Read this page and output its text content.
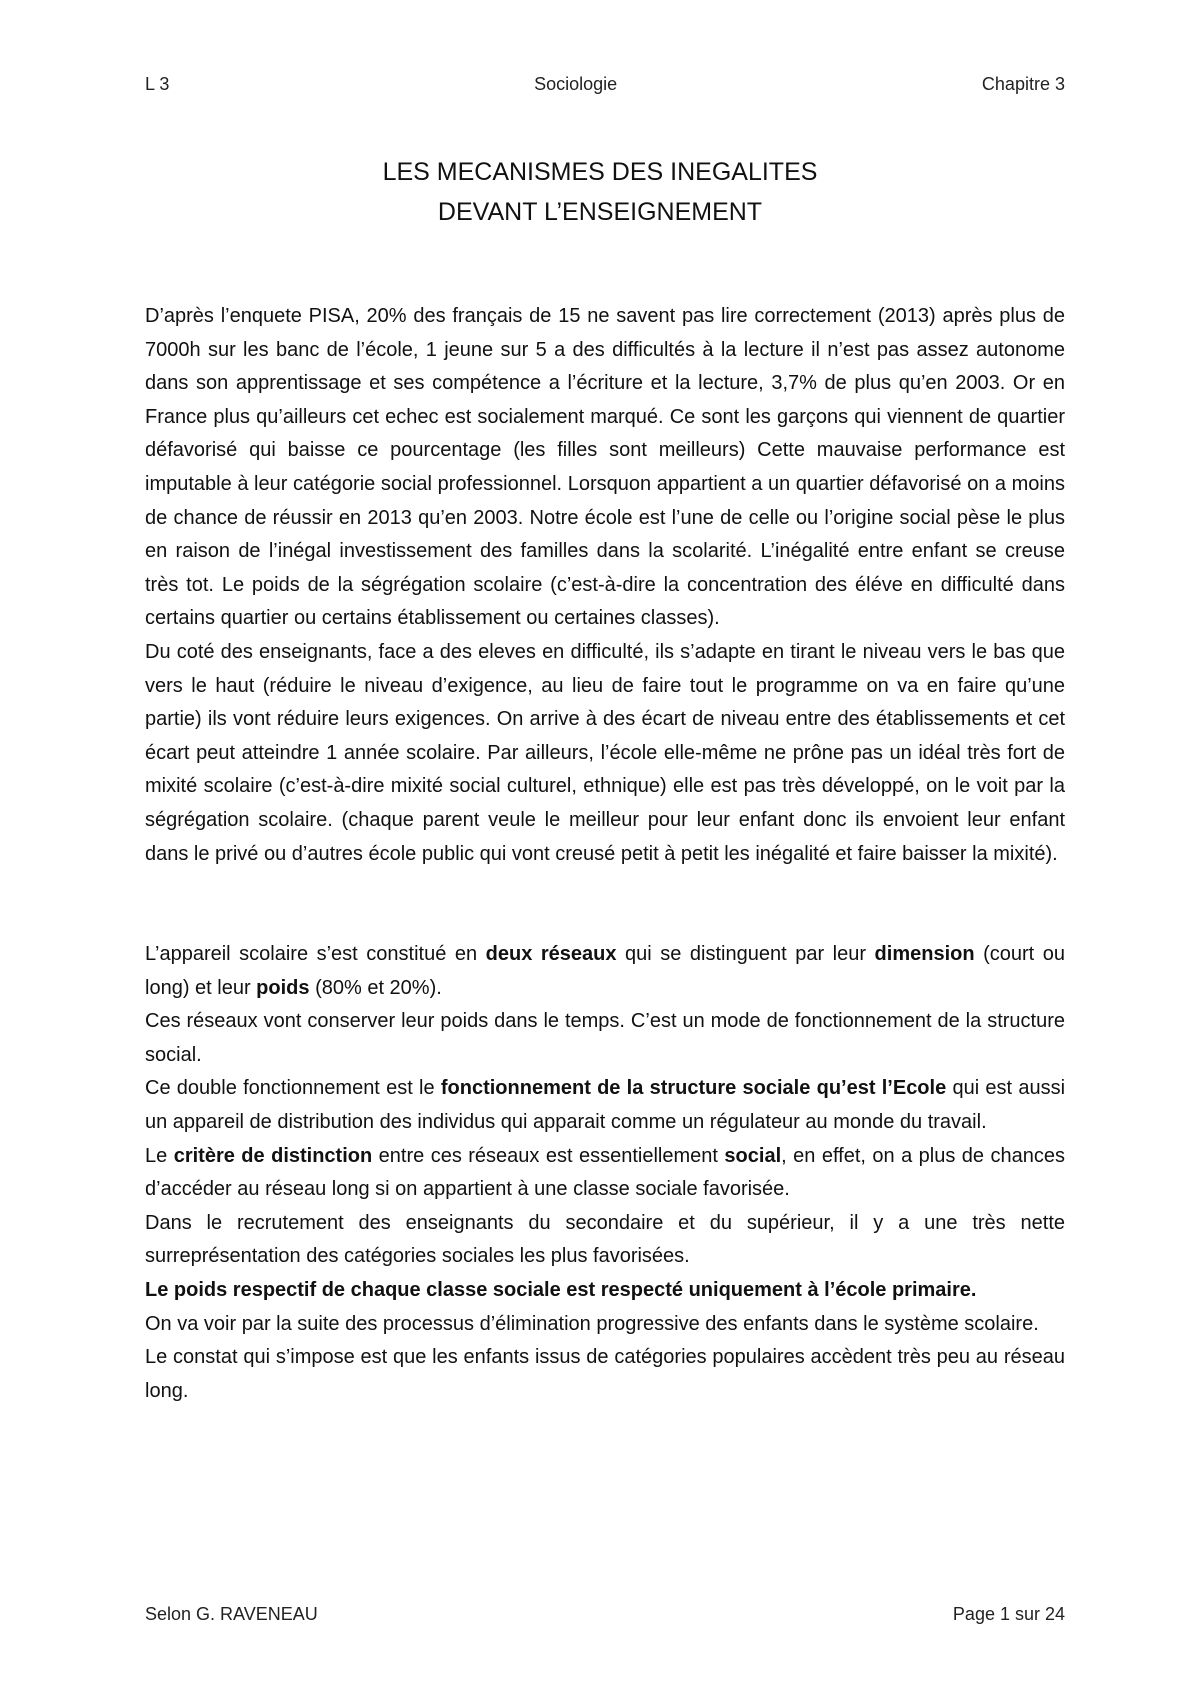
L 3	Sociologie	Chapitre 3
LES MECANISMES DES INEGALITES
DEVANT L’ENSEIGNEMENT

D’après l’enquete PISA, 20% des français de 15 ne savent pas lire correctement (2013) après plus de 7000h sur les banc de l’école, 1 jeune sur 5 a des difficultés à la lecture il n’est pas assez autonome dans son apprentissage et ses compétence a l’écriture et la lecture, 3,7% de plus qu’en 2003. Or en France plus qu’ailleurs cet echec est socialement marqué. Ce sont les garçons qui viennent de quartier défavorisé qui baisse ce pourcentage (les filles sont meilleurs) Cette mauvaise performance est imputable à leur catégorie social professionnel. Lorsquon appartient a un quartier défavorisé on a moins de chance de réussir en 2013 qu’en 2003. Notre école est l’une de celle ou l’origine social pèse le plus en raison de l’inégal investissement des familles dans la scolarité. L’inégalité entre enfant se creuse très tot. Le poids de la ségrégation scolaire (c’est-à-dire la concentration des éléve en difficulté dans certains quartier ou certains établissement ou certaines classes).

Du coté des enseignants, face a des eleves en difficulté, ils s’adapte en tirant le niveau vers le bas que vers le haut (réduire le niveau d’exigence, au lieu de faire tout le programme on va en faire qu’une partie) ils vont réduire leurs exigences. On arrive à des écart de niveau entre des établissements et cet écart peut atteindre 1 année scolaire. Par ailleurs, l’école elle-même ne prône pas un idéal très fort de mixité scolaire (c’est-à-dire mixité social culturel, ethnique) elle est pas très développé, on le voit par la ségrégation scolaire. (chaque parent veule le meilleur pour leur enfant donc ils envoient leur enfant dans le privé ou d’autres école public qui vont creusé petit à petit les inégalité et faire baisser la mixité).

L’appareil scolaire s’est constitué en deux réseaux qui se distinguent par leur dimension (court ou long) et leur poids (80% et 20%).

Ces réseaux vont conserver leur poids dans le temps. C’est un mode de fonctionnement de la structure social.

Ce double fonctionnement est le fonctionnement de la structure sociale qu’est l’Ecole qui est aussi un appareil de distribution des individus qui apparait comme un régulateur au monde du travail.

Le critère de distinction entre ces réseaux est essentiellement social, en effet, on a plus de chances d’accéder au réseau long si on appartient à une classe sociale favorisée.

Dans le recrutement des enseignants du secondaire et du supérieur, il y a une très nette surreprésentation des catégories sociales les plus favorisées.

Le poids respectif de chaque classe sociale est respecté uniquement à l’école primaire.

On va voir par la suite des processus d’élimination progressive des enfants dans le système scolaire.

Le constat qui s’impose est que les enfants issus de catégories populaires accèdent très peu au réseau long.

Selon G. RAVENEAU	Page 1 sur 24
